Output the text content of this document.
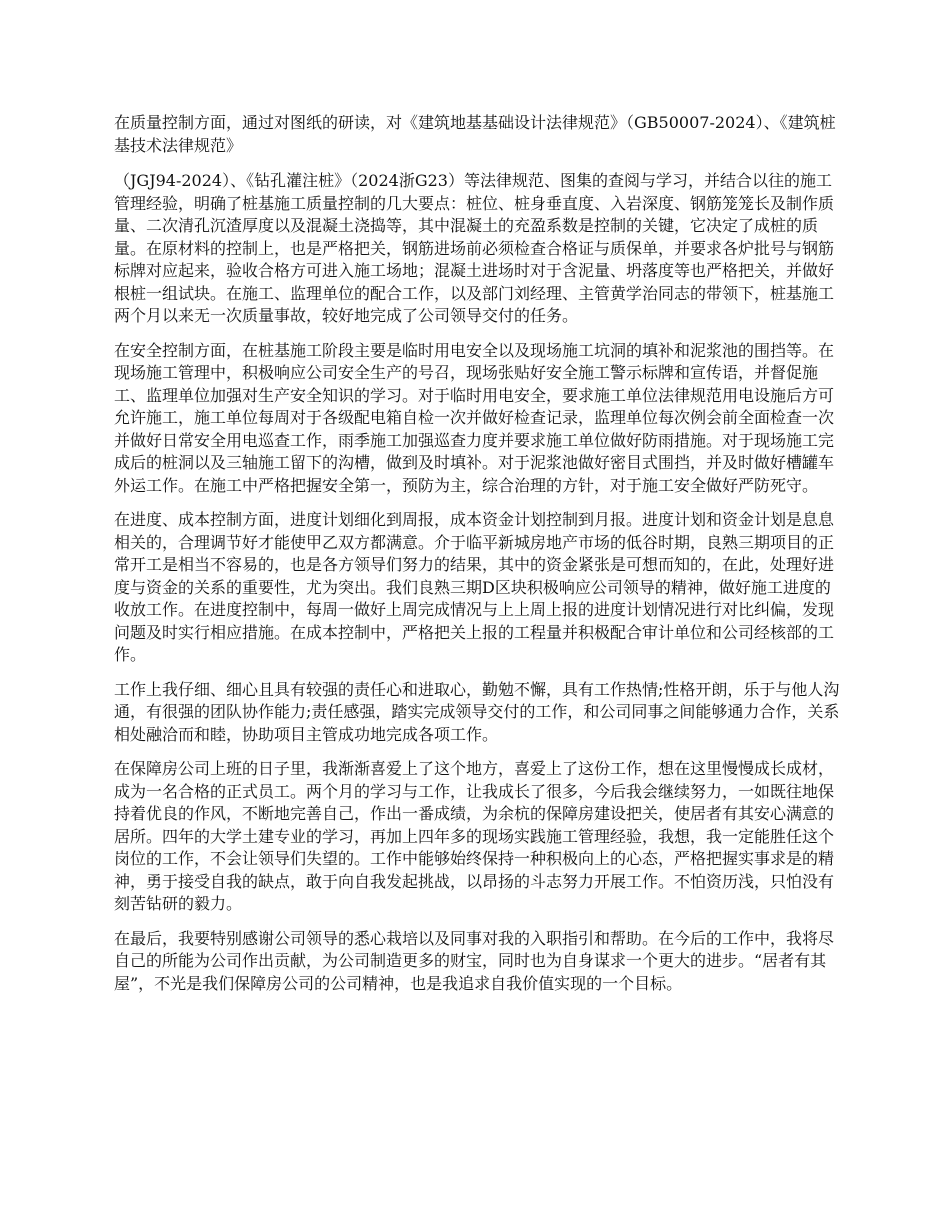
在质量控制方面，通过对图纸的研读，对《建筑地基基础设计法律规范》（GB50007-2024）、《建筑桩基技术法律规范》

（JGJ94-2024）、《钻孔灌注桩》（2024浙G23）等法律规范、图集的查阅与学习，并结合以往的施工管理经验，明确了桩基施工质量控制的几大要点：桩位、桩身垂直度、入岩深度、钢筋笼笼长及制作质量、二次清孔沉渣厚度以及混凝土浇捣等，其中混凝土的充盈系数是控制的关键，它决定了成桩的质量。在原材料的控制上，也是严格把关，钢筋进场前必须检查合格证与质保单，并要求各炉批号与钢筋标牌对应起来，验收合格方可进入施工场地；混凝土进场时对于含泥量、坍落度等也严格把关，并做好根桩一组试块。在施工、监理单位的配合工作，以及部门刘经理、主管黄学治同志的带领下，桩基施工两个月以来无一次质量事故，较好地完成了公司领导交付的任务。

在安全控制方面，在桩基施工阶段主要是临时用电安全以及现场施工坑洞的填补和泥浆池的围挡等。在现场施工管理中，积极响应公司安全生产的号召，现场张贴好安全施工警示标牌和宣传语，并督促施工、监理单位加强对生产安全知识的学习。对于临时用电安全，要求施工单位法律规范用电设施后方可允许施工，施工单位每周对于各级配电箱自检一次并做好检查记录，监理单位每次例会前全面检查一次并做好日常安全用电巡查工作，雨季施工加强巡查力度并要求施工单位做好防雨措施。对于现场施工完成后的桩洞以及三轴施工留下的沟槽，做到及时填补。对于泥浆池做好密目式围挡，并及时做好槽罐车外运工作。在施工中严格把握安全第一，预防为主，综合治理的方针，对于施工安全做好严防死守。

在进度、成本控制方面，进度计划细化到周报，成本资金计划控制到月报。进度计划和资金计划是息息相关的，合理调节好才能使甲乙双方都满意。介于临平新城房地产市场的低谷时期，良熟三期项目的正常开工是相当不容易的，也是各方领导们努力的结果，其中的资金紧张是可想而知的，在此，处理好进度与资金的关系的重要性，尤为突出。我们良熟三期D区块积极响应公司领导的精神，做好施工进度的收放工作。在进度控制中，每周一做好上周完成情况与上上周上报的进度计划情况进行对比纠偏，发现问题及时实行相应措施。在成本控制中，严格把关上报的工程量并积极配合审计单位和公司经核部的工作。

工作上我仔细、细心且具有较强的责任心和进取心，勤勉不懈，具有工作热情;性格开朗，乐于与他人沟通，有很强的团队协作能力;责任感强，踏实完成领导交付的工作，和公司同事之间能够通力合作，关系相处融洽而和睦，协助项目主管成功地完成各项工作。

在保障房公司上班的日子里，我渐渐喜爱上了这个地方，喜爱上了这份工作，想在这里慢慢成长成材，成为一名合格的正式员工。两个月的学习与工作，让我成长了很多，今后我会继续努力，一如既往地保持着优良的作风，不断地完善自己，作出一番成绩，为余杭的保障房建设把关，使居者有其安心满意的居所。四年的大学土建专业的学习，再加上四年多的现场实践施工管理经验，我想，我一定能胜任这个岗位的工作，不会让领导们失望的。工作中能够始终保持一种积极向上的心态，严格把握实事求是的精神，勇于接受自我的缺点，敢于向自我发起挑战，以昂扬的斗志努力开展工作。不怕资历浅，只怕没有刻苦钻研的毅力。

在最后，我要特别感谢公司领导的悉心栽培以及同事对我的入职指引和帮助。在今后的工作中，我将尽自己的所能为公司作出贡献，为公司制造更多的财宝，同时也为自身谋求一个更大的进步。“居者有其屋”，不光是我们保障房公司的公司精神，也是我追求自我价值实现的一个目标。
